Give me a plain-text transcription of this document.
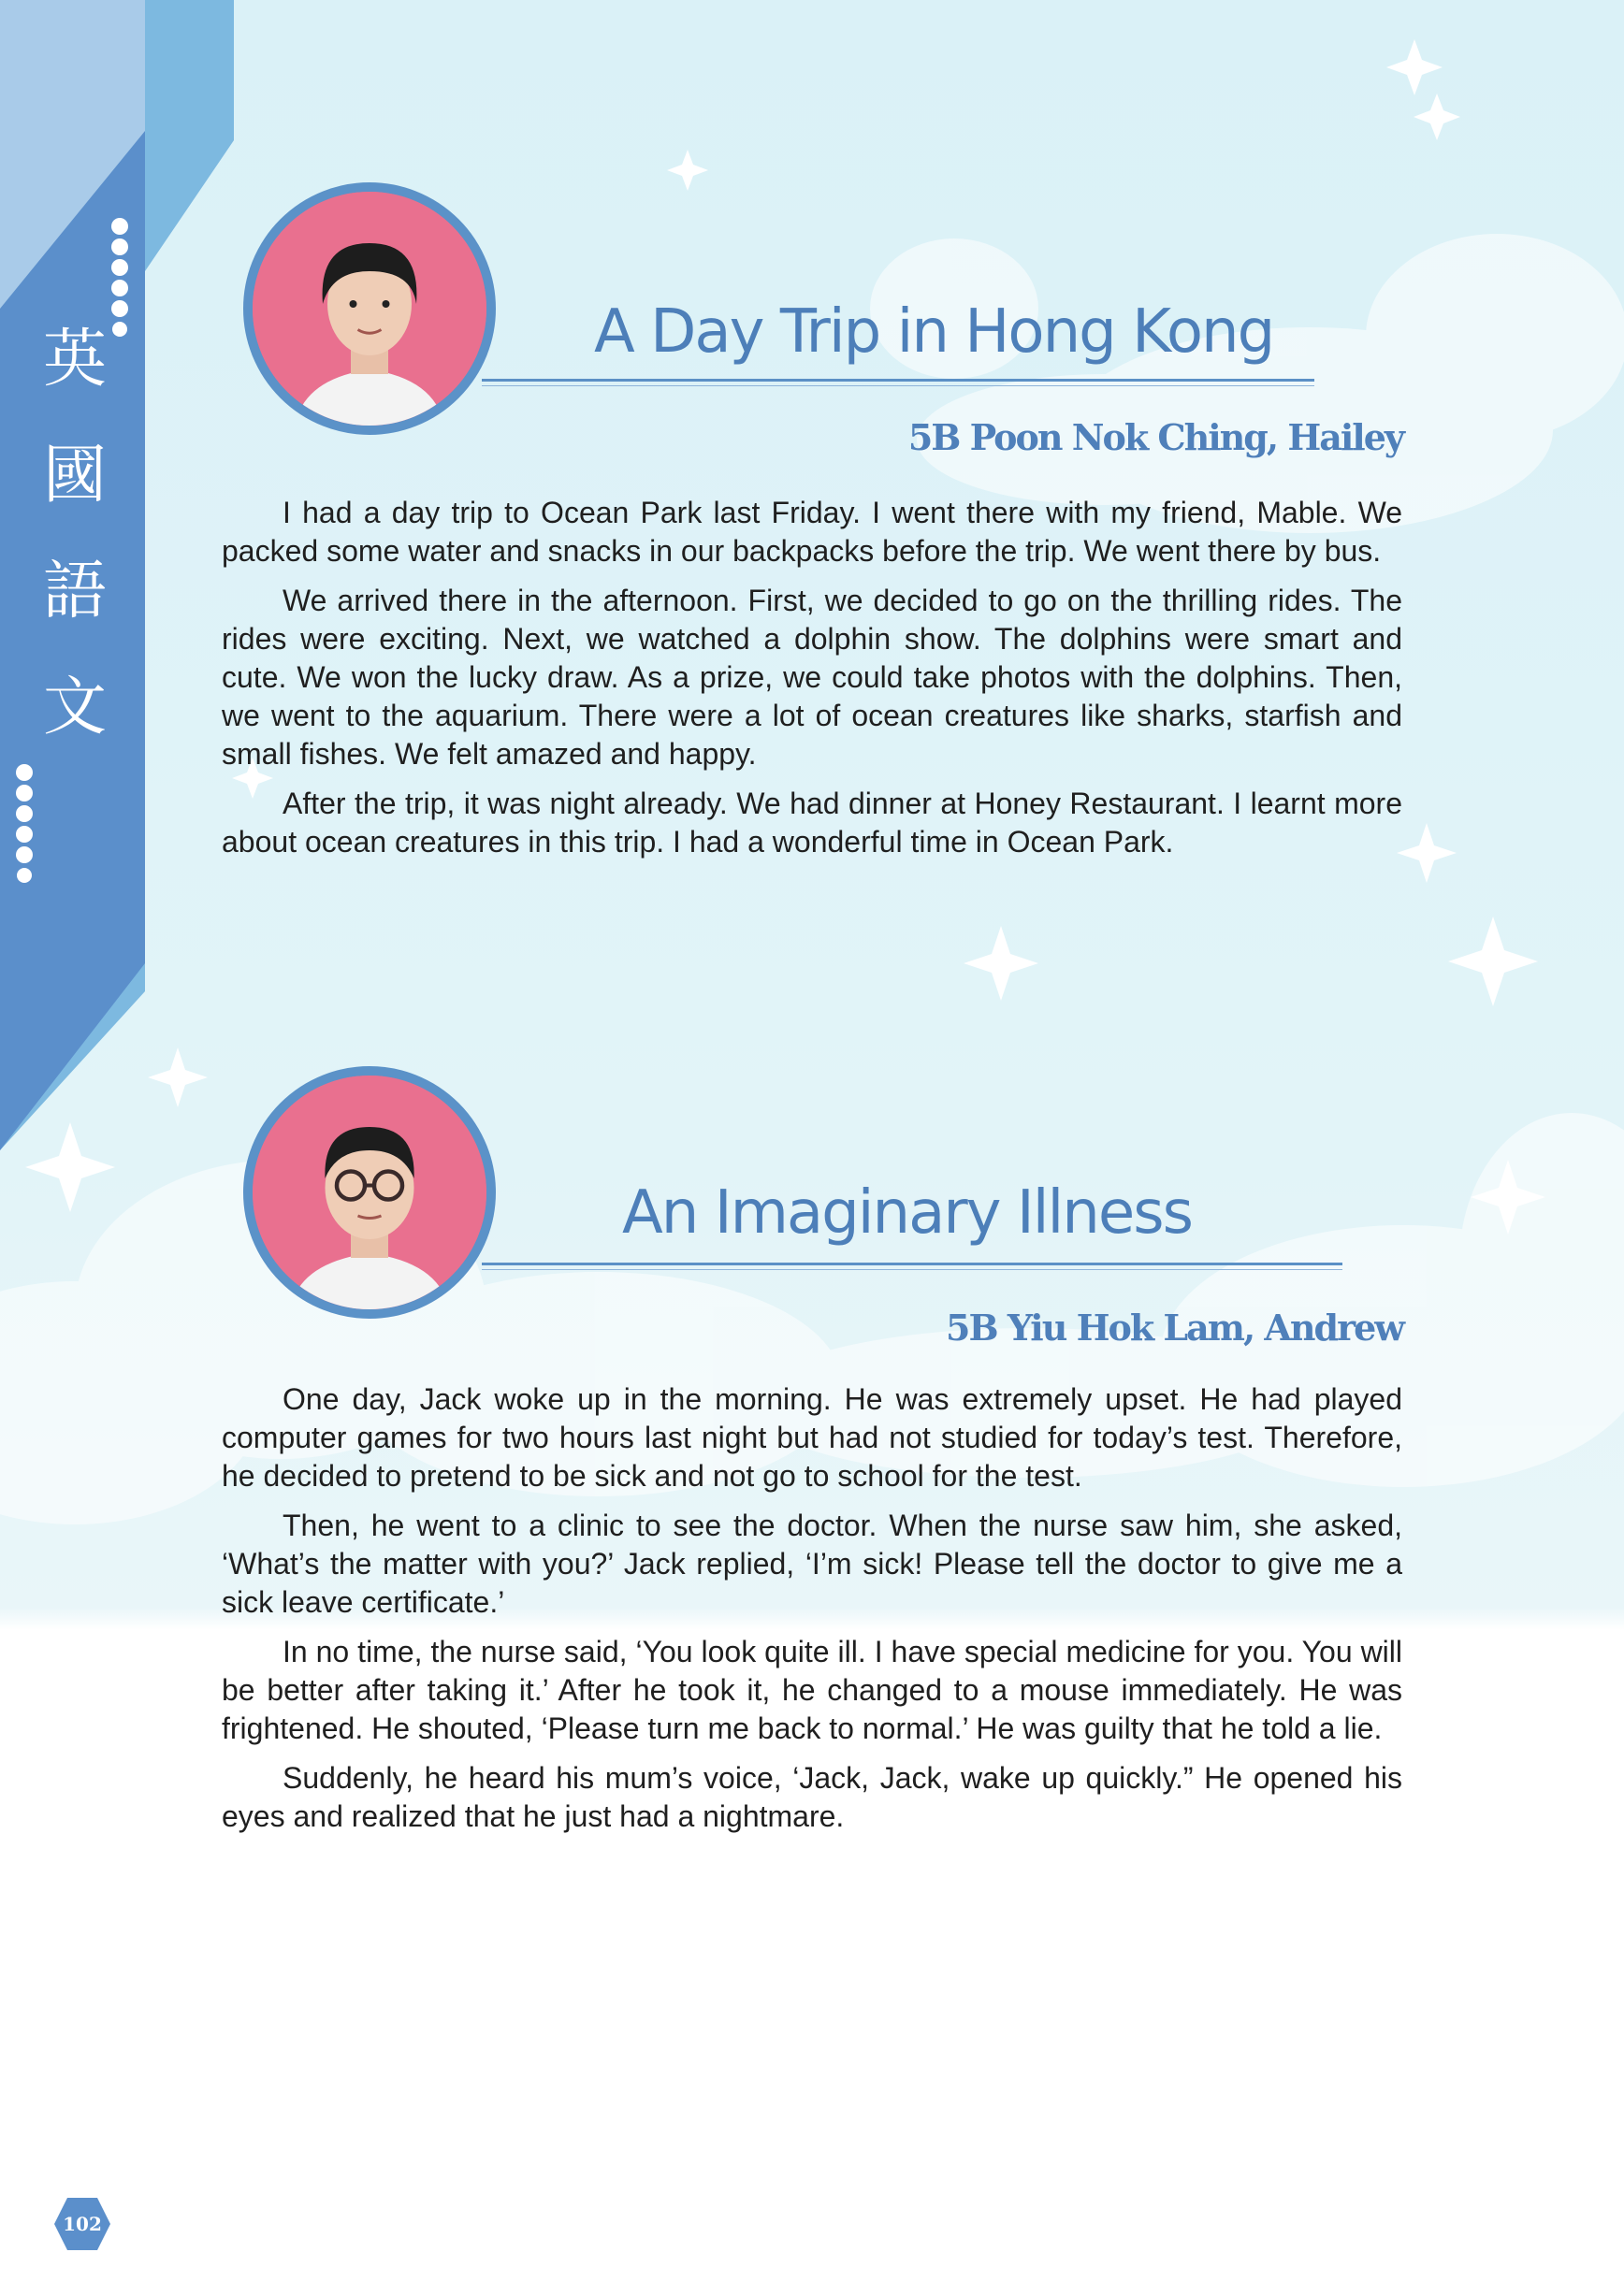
英
國
語
文
A Day Trip in Hong Kong
5B Poon Nok Ching, Hailey

I had a day trip to Ocean Park last Friday. I went there with my friend, Mable. We packed some water and snacks in our backpacks before the trip. We went there by bus.

We arrived there in the afternoon. First, we decided to go on the thrilling rides. The rides were exciting. Next, we watched a dolphin show. The dolphins were smart and cute. We won the lucky draw. As a prize, we could take photos with the dolphins. Then, we went to the aquarium. There were a lot of ocean creatures like sharks, starfish and small fishes. We felt amazed and happy.

After the trip, it was night already. We had dinner at Honey Restaurant. I learnt more about ocean creatures in this trip. I had a wonderful time in Ocean Park.

An Imaginary Illness
5B Yiu Hok Lam, Andrew

One day, Jack woke up in the morning. He was extremely upset. He had played computer games for two hours last night but had not studied for today’s test. Therefore, he decided to pretend to be sick and not go to school for the test.

Then, he went to a clinic to see the doctor. When the nurse saw him, she asked, ‘What’s the matter with you?’ Jack replied, ‘I’m sick! Please tell the doctor to give me a sick leave certificate.’

In no time, the nurse said, ‘You look quite ill. I have special medicine for you. You will be better after taking it.’ After he took it, he changed to a mouse immediately. He was frightened. He shouted, ‘Please turn me back to normal.’ He was guilty that he told a lie.

Suddenly, he heard his mum’s voice, ‘Jack, Jack, wake up quickly.” He opened his eyes and realized that he just had a nightmare.

102
